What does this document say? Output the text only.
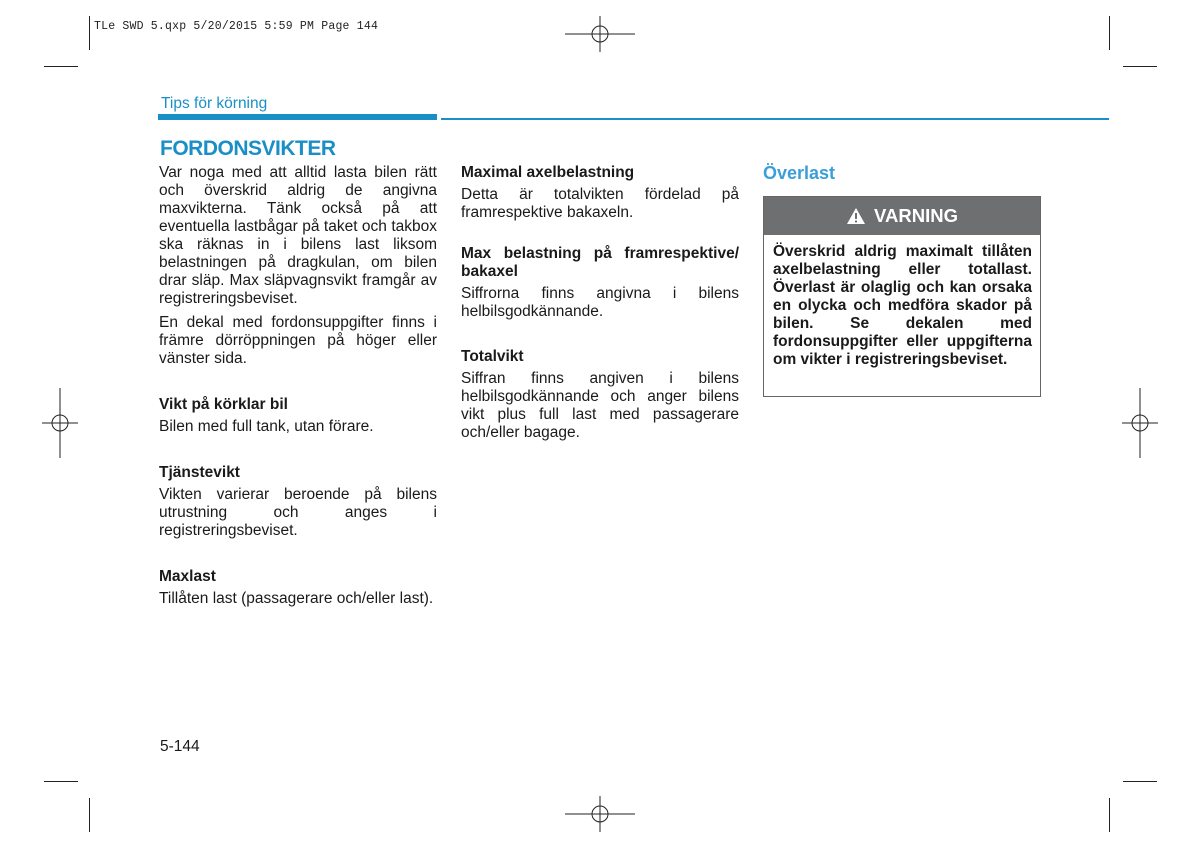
TLe SWD 5.qxp 5/20/2015 5:59 PM Page 144
Tips för körning
FORDONSVIKTER

Var noga med att alltid lasta bilen rätt och överskrid aldrig de angivna maxvikterna. Tänk också på att eventuella lastbågar på taket och takbox ska räknas in i bilens last liksom belastningen på dragkulan, om bilen drar släp. Max släpvagnsvikt framgår av registreringsbeviset.

En dekal med fordonsuppgifter finns i främre dörröppningen på höger eller vänster sida.

Vikt på körklar bil

Bilen med full tank, utan förare.

Tjänstevikt

Vikten varierar beroende på bilens utrustning och anges i registreringsbeviset.

Maxlast

Tillåten last (passagerare och/eller last).

Maximal axelbelastning

Detta är totalvikten fördelad på framrespektive bakaxeln.

Max belastning på framrespektive/ bakaxel

Siffrorna finns angivna i bilens helbilsgodkännande.

Totalvikt

Siffran finns angiven i bilens helbilsgodkännande och anger bilens vikt plus full last med passagerare och/eller bagage.

Överlast
VARNING
Överskrid aldrig maximalt tillåten axelbelastning eller totallast. Överlast är olaglig och kan orsaka en olycka och medföra skador på bilen. Se dekalen med fordonsuppgifter eller uppgifterna om vikter i registreringsbeviset.
5-144
